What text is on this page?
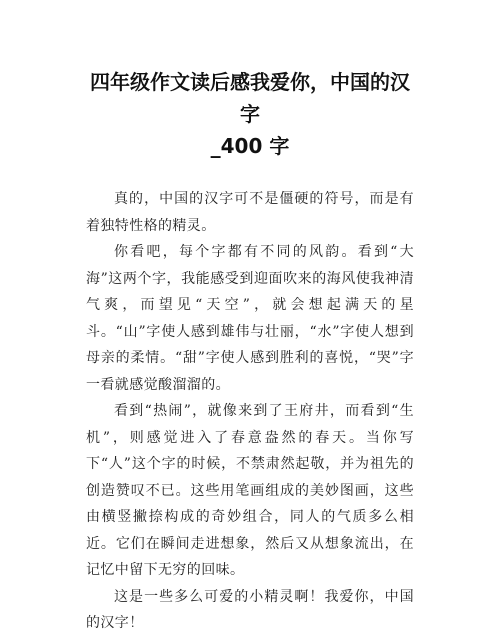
四年级作文读后感我爱你，中国的汉字
_400 字

真的，中国的汉字可不是僵硬的符号，而是有着独特性格的精灵。

你看吧，每个字都有不同的风韵。看到“大海”这两个字，我能感受到迎面吹来的海风使我神清气爽，而望见“天空”，就会想起满天的星斗。“山”字使人感到雄伟与壮丽，“水”字使人想到母亲的柔情。“甜”字使人感到胜利的喜悦，“哭”字一看就感觉酸溜溜的。

看到“热闹”，就像来到了王府井，而看到“生机”，则感觉进入了春意盎然的春天。当你写下“人”这个字的时候，不禁肃然起敬，并为祖先的创造赞叹不已。这些用笔画组成的美妙图画，这些由横竖撇捺构成的奇妙组合，同人的气质多么相近。它们在瞬间走进想象，然后又从想象流出，在记忆中留下无穷的回味。

这是一些多么可爱的小精灵啊！我爱你，中国的汉字！
